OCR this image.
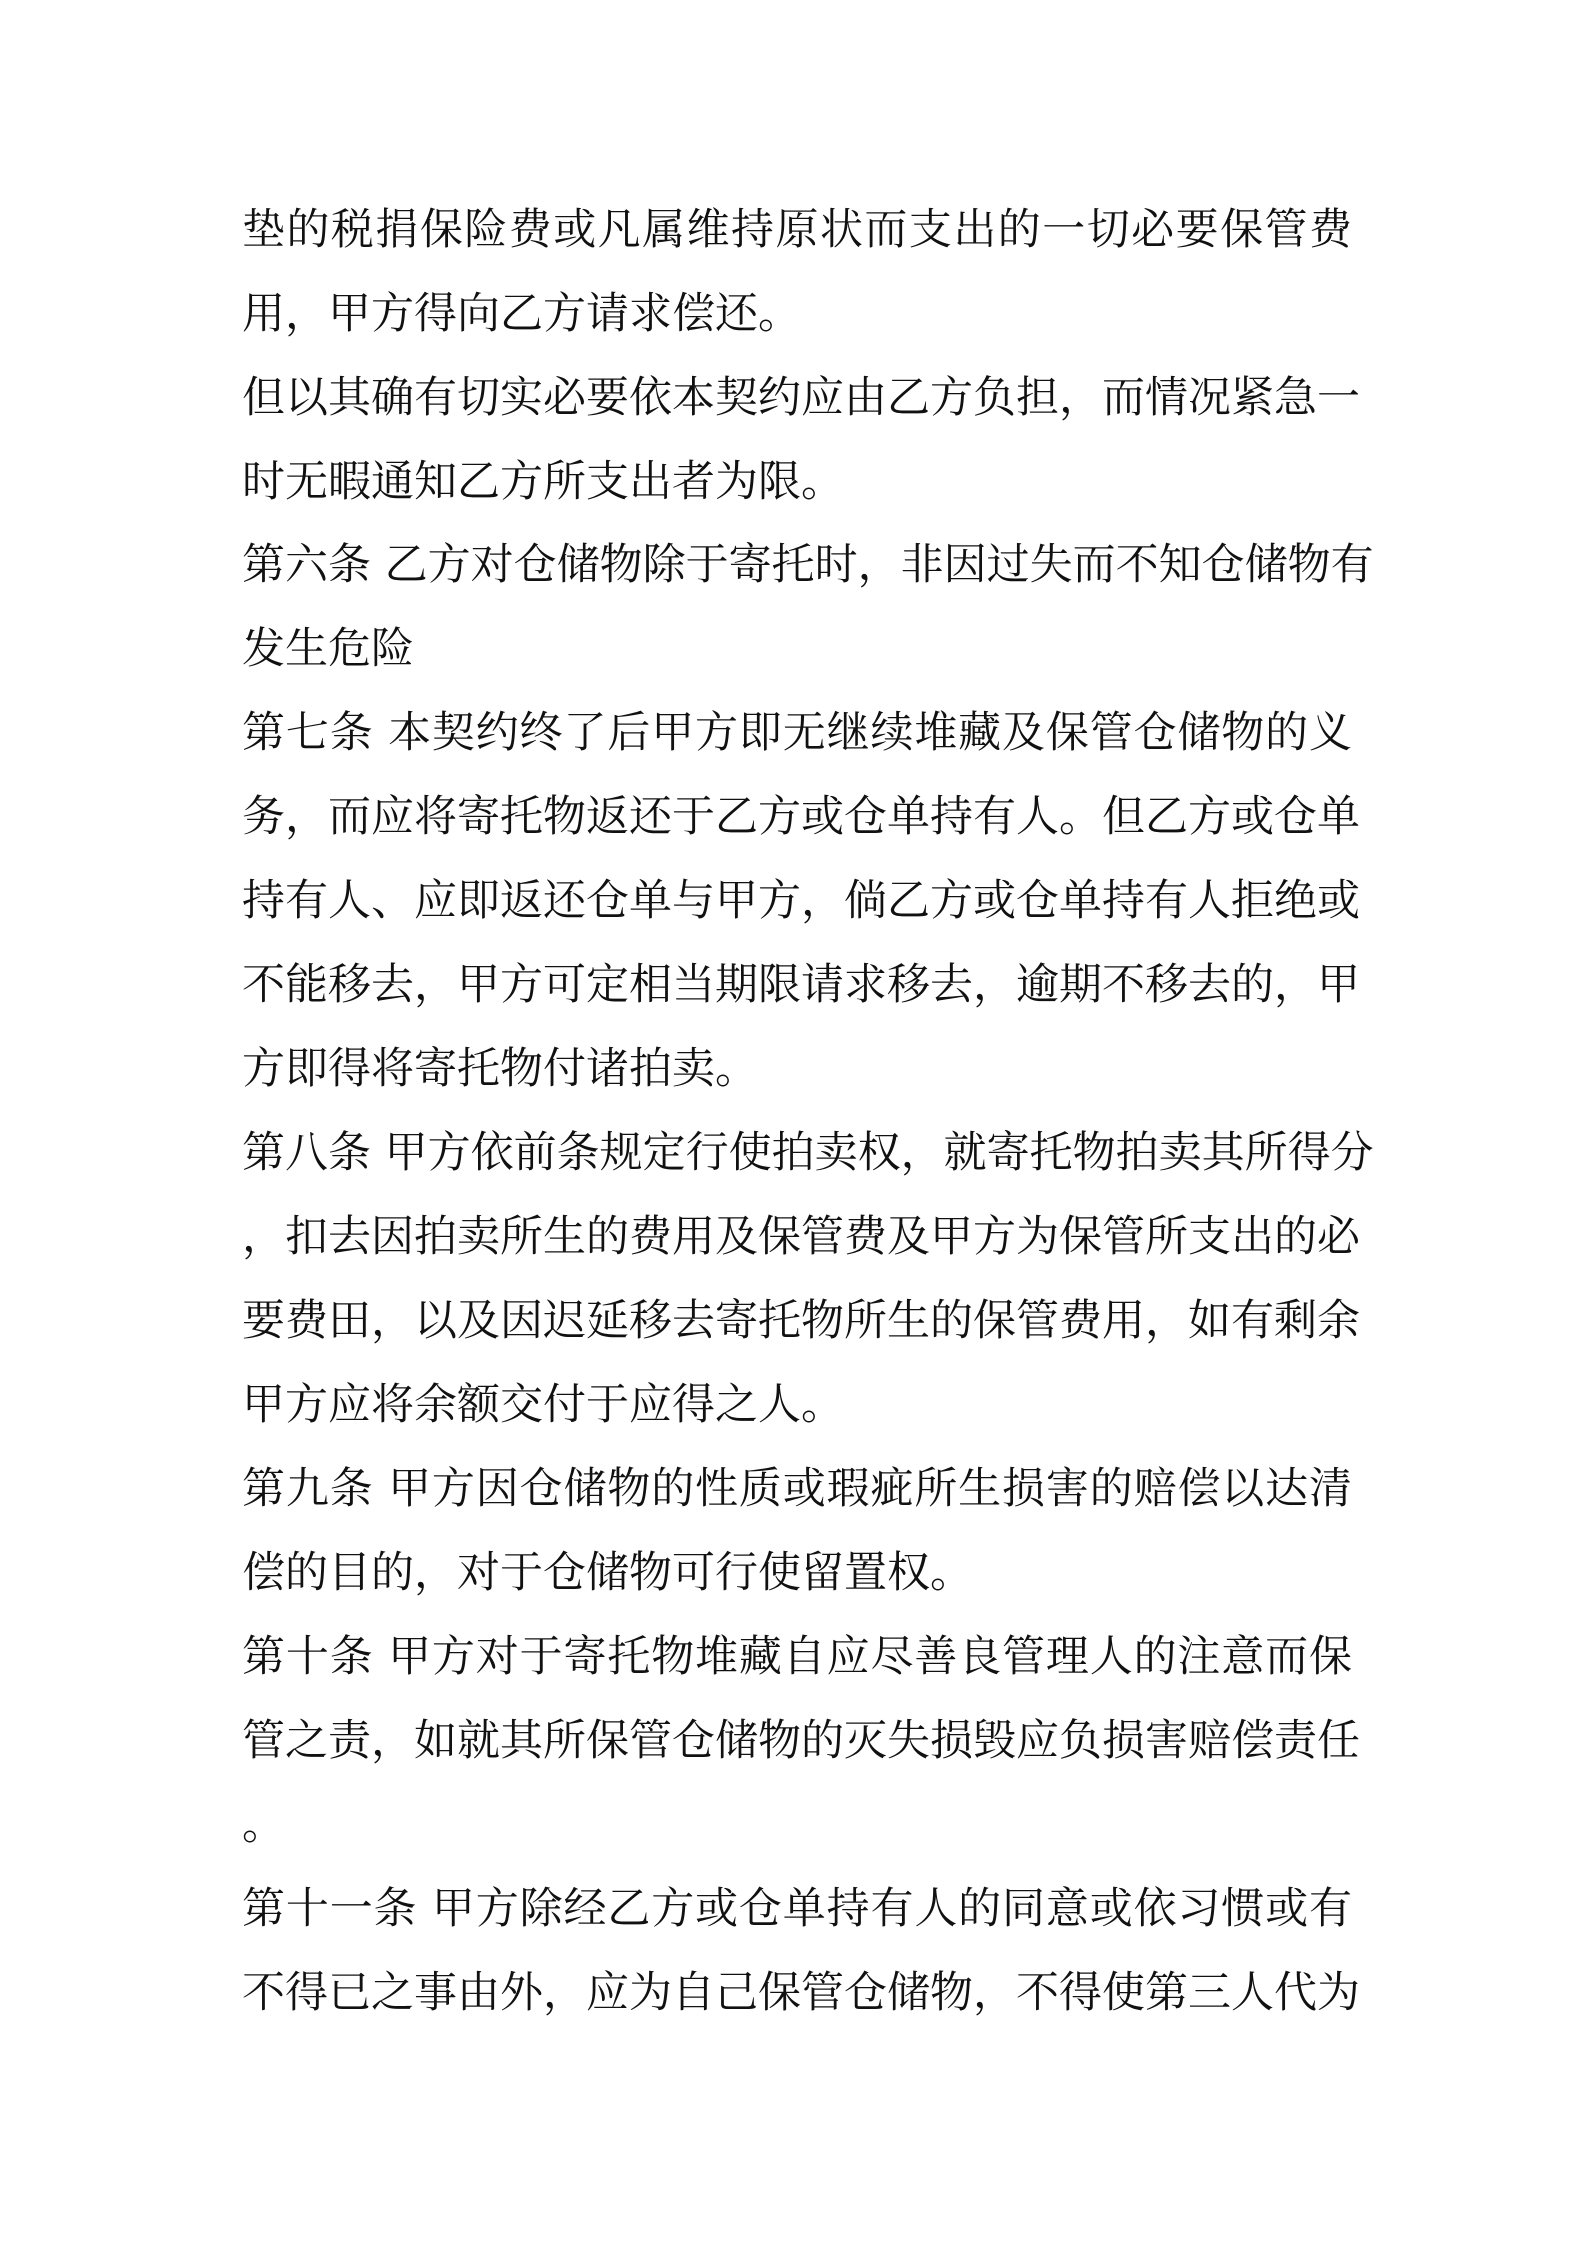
垫的税捐保险费或凡属维持原状而支出的一切必要保管费
用，甲方得向乙方请求偿还。
但以其确有切实必要依本契约应由乙方负担，而情况紧急一
时无暇通知乙方所支出者为限。
第六条 乙方对仓储物除于寄托时，非因过失而不知仓储物有
发生危险
第七条 本契约终了后甲方即无继续堆藏及保管仓储物的义
务，而应将寄托物返还于乙方或仓单持有人。但乙方或仓单
持有人、应即返还仓单与甲方，倘乙方或仓单持有人拒绝或
不能移去，甲方可定相当期限请求移去，逾期不移去的，甲
方即得将寄托物付诸拍卖。
第八条 甲方依前条规定行使拍卖权，就寄托物拍卖其所得分
，扣去因拍卖所生的费用及保管费及甲方为保管所支出的必
要费田，以及因迟延移去寄托物所生的保管费用，如有剩余
甲方应将余额交付于应得之人。
第九条 甲方因仓储物的性质或瑕疵所生损害的赔偿以达清
偿的目的，对于仓储物可行使留置权。
第十条 甲方对于寄托物堆藏自应尽善良管理人的注意而保
管之责，如就其所保管仓储物的灭失损毁应负损害赔偿责任
。
第十一条 甲方除经乙方或仓单持有人的同意或依习惯或有
不得已之事由外，应为自己保管仓储物，不得使第三人代为
